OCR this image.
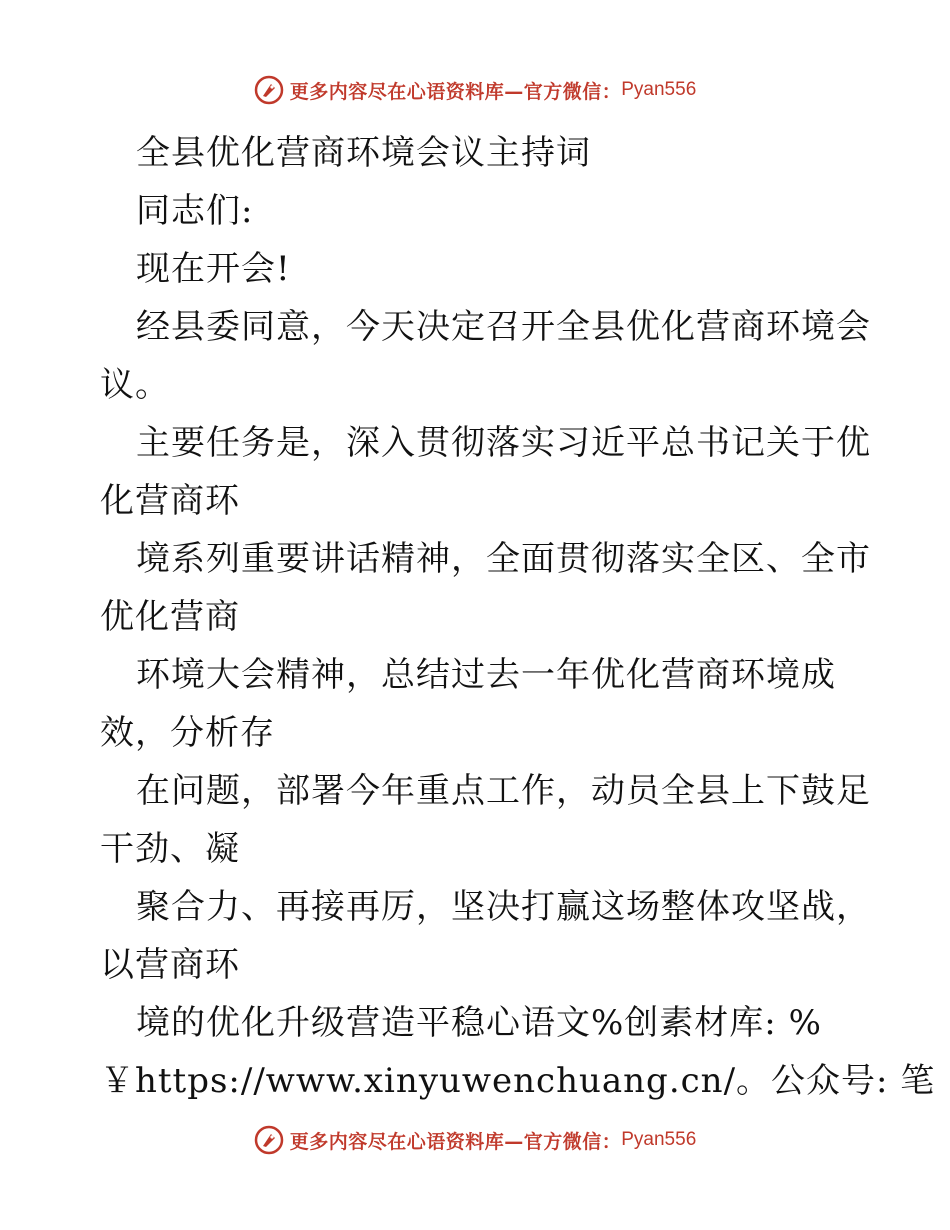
更多内容尽在心语资料库—官方微信： Pyan556
全县优化营商环境会议主持词
同志们:
现在开会!
经县委同意，今天决定召开全县优化营商环境会
议。
主要任务是，深入贯彻落实习近平总书记关于优
化营商环
境系列重要讲话精神，全面贯彻落实全区、全市
优化营商
环境大会精神，总结过去一年优化营商环境成
效，分析存
在问题，部署今年重点工作，动员全县上下鼓足
干劲、凝
聚合力、再接再厉，坚决打赢这场整体攻坚战，
以营商环
境的优化升级营造平稳心语文%创素材库: %
￥https://www.xinyuwenchuang.cn/。公众号: 笔
更多内容尽在心语资料库—官方微信： Pyan556
